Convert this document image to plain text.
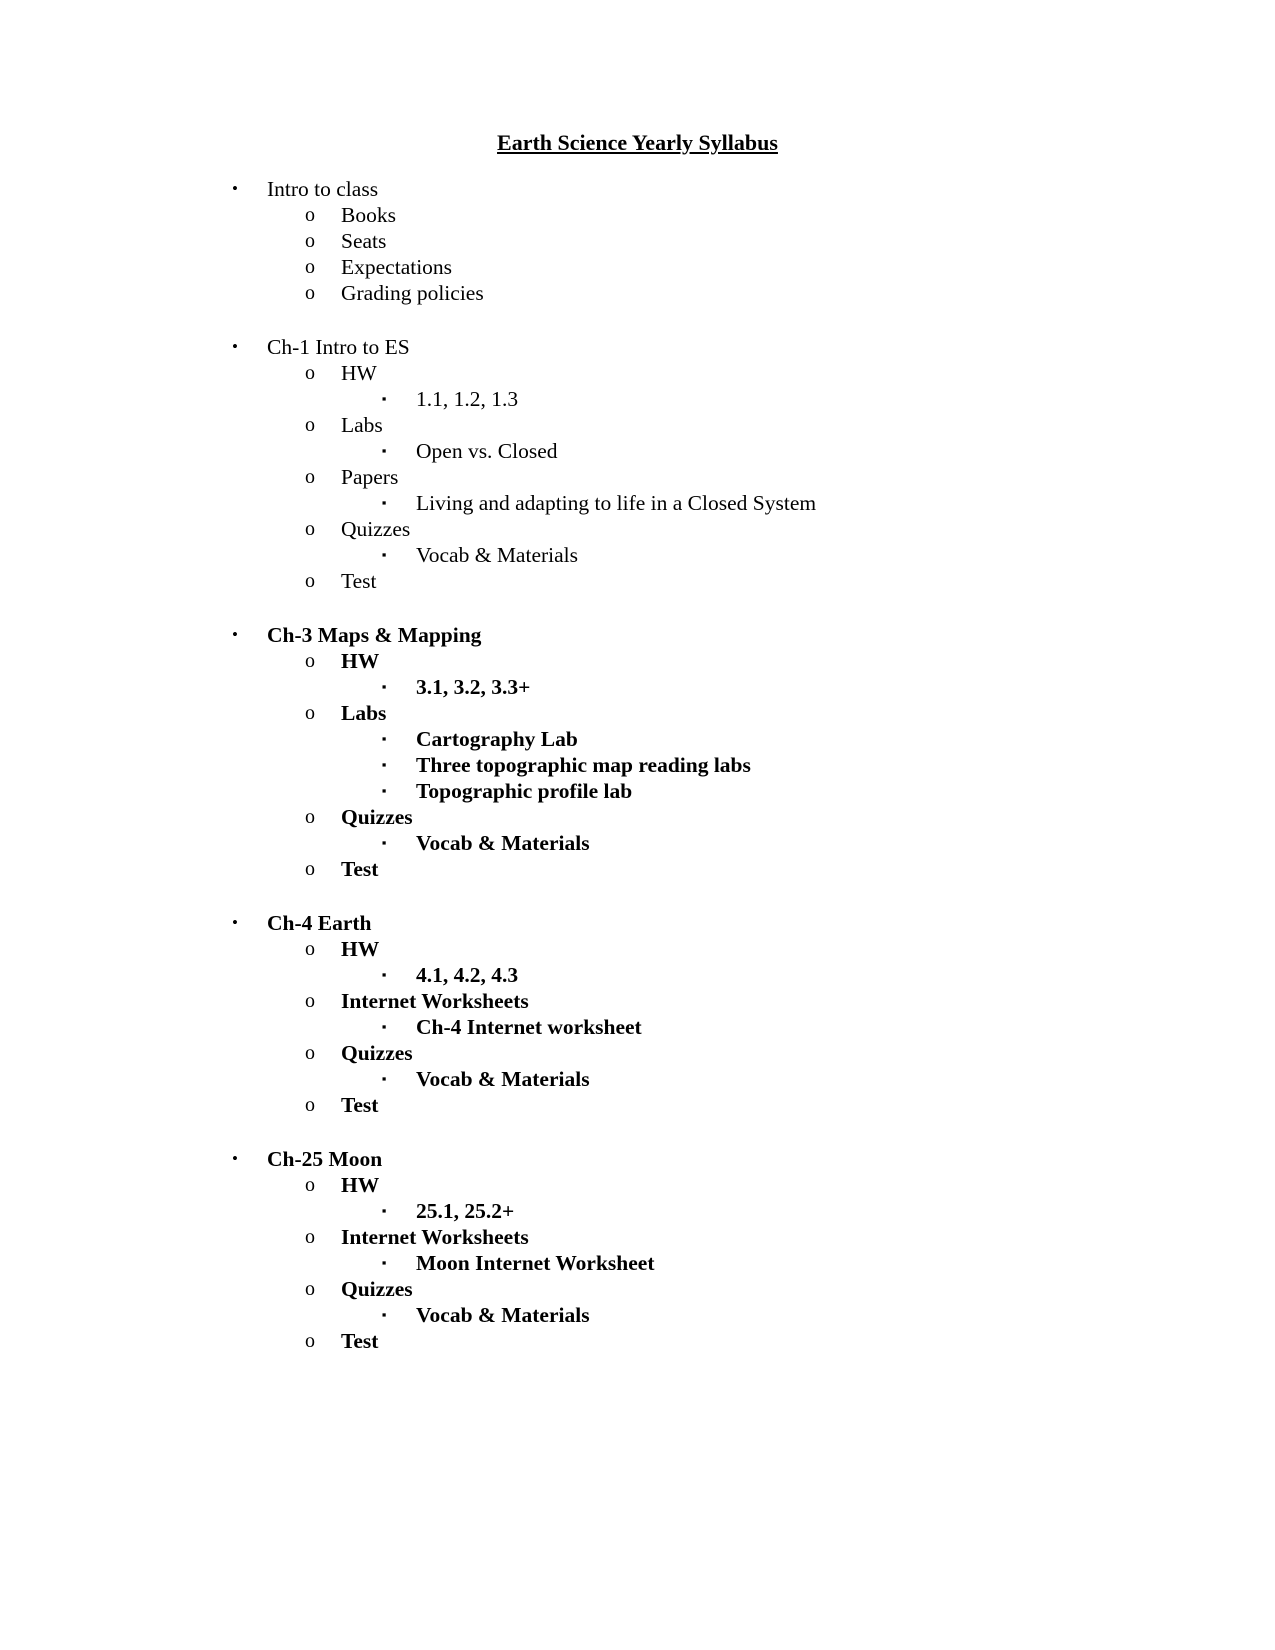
Earth Science Yearly Syllabus
•	Intro to class
o Books
o Seats
o Expectations
o Grading policies
•	Ch-1 Intro to ES
o HW
▪	1.1, 1.2, 1.3
o Labs
▪	Open vs. Closed
o Papers
▪	Living and adapting to life in a Closed System
o Quizzes
▪	Vocab & Materials
o Test
•	Ch-3 Maps & Mapping
o HW
▪	3.1, 3.2, 3.3+
o Labs
▪	Cartography Lab
▪	Three topographic map reading labs
▪	Topographic profile lab
o Quizzes
▪	Vocab & Materials
o Test
•	Ch-4 Earth
o HW
▪	4.1, 4.2, 4.3
o Internet Worksheets
▪	Ch-4 Internet worksheet
o Quizzes
▪	Vocab & Materials
o Test
•	Ch-25 Moon
o HW
▪	25.1, 25.2+
o Internet Worksheets
▪	Moon Internet Worksheet
o Quizzes
▪	Vocab & Materials
o Test
